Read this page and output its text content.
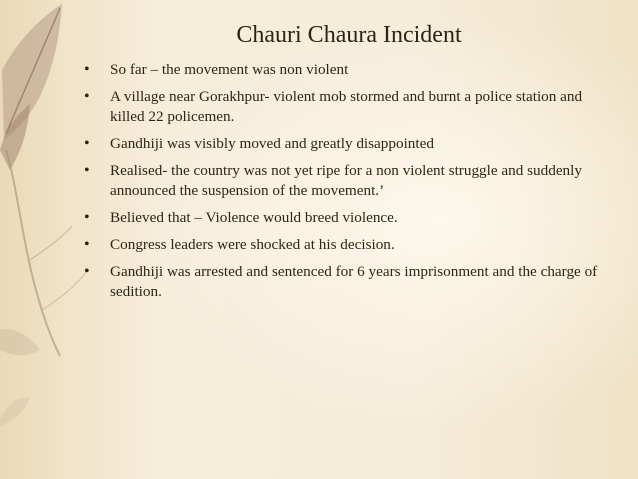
Chauri Chaura Incident
• So far – the movement was non violent
• A village near Gorakhpur- violent mob stormed and burnt a police station and killed 22 policemen.
• Gandhiji was visibly moved and greatly disappointed
• Realised- the country was not yet ripe for a non violent struggle and suddenly announced the suspension of the movement.’
• Believed that – Violence would breed violence.
• Congress leaders were shocked at his decision.
• Gandhiji was arrested and sentenced for 6 years imprisonment and the charge of sedition.
